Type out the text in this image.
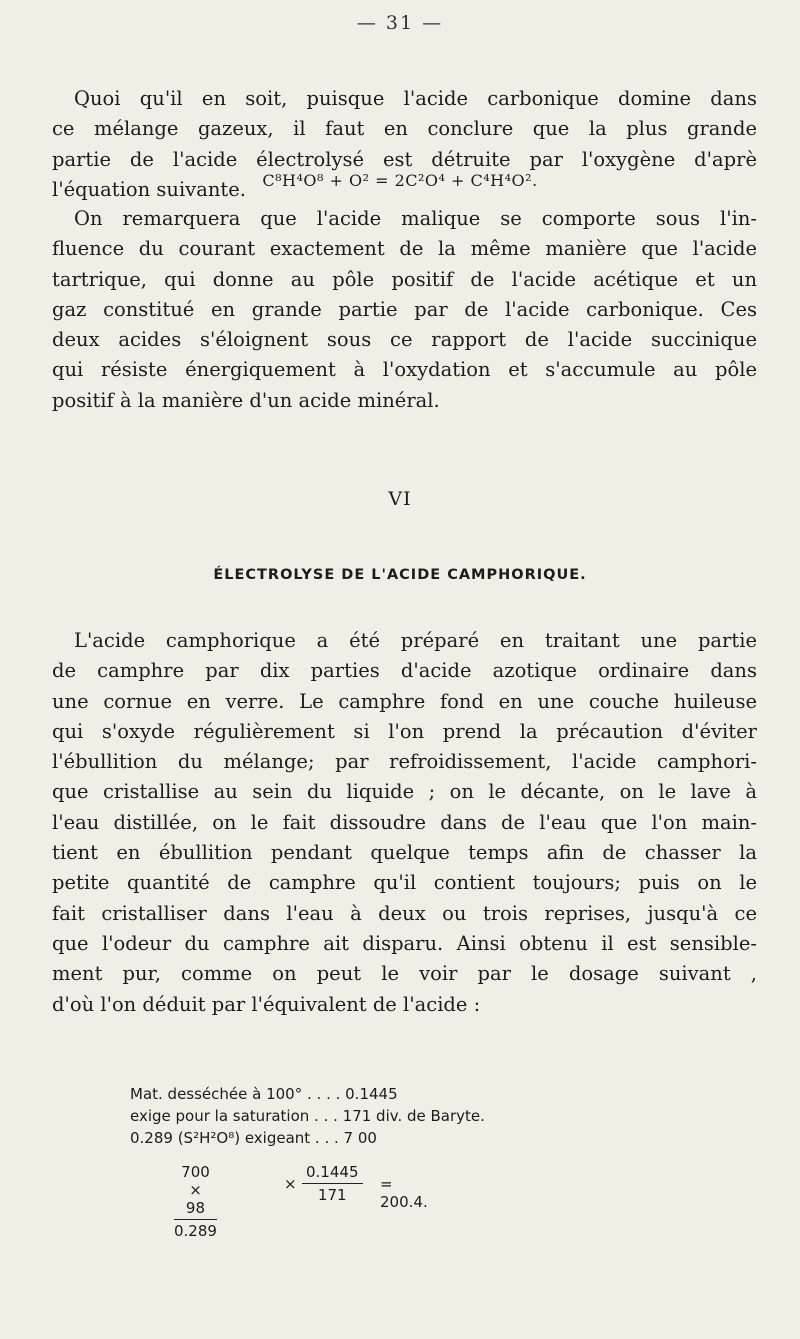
— 31 —

Quoi qu'il en soit, puisque l'acide carbonique domine dans
ce mélange gazeux, il faut en conclure que la plus grande
partie de l'acide électrolysé est détruite par l'oxygène d'aprè
l'équation suivante.	C⁸H⁴O⁸ + O² = 2C²O⁴ + C⁴H⁴O².

On remarquera que l'acide malique se comporte sous l'in-
fluence du courant exactement de la même manière que l'acide
tartrique, qui donne au pôle positif de l'acide acétique et un
gaz constitué en grande partie par de l'acide carbonique. Ces
deux acides s'éloignent sous ce rapport de l'acide succinique
qui résiste énergiquement à l'oxydation et s'accumule au pôle
positif à la manière d'un acide minéral.

VI
ÉLECTROLYSE DE L'ACIDE CAMPHORIQUE.

L'acide camphorique a été préparé en traitant une partie
de camphre par dix parties d'acide azotique ordinaire dans
une cornue en verre. Le camphre fond en une couche huileuse
qui s'oxyde régulièrement si l'on prend la précaution d'éviter
l'ébullition du mélange; par refroidissement, l'acide camphori-
que cristallise au sein du liquide ; on le décante, on le lave à
l'eau distillée, on le fait dissoudre dans de l'eau que l'on main-
tient en ébullition pendant quelque temps afin de chasser la
petite quantité de camphre qu'il contient toujours; puis on le
fait cristalliser dans l'eau à deux ou trois reprises, jusqu'à ce
que l'odeur du camphre ait disparu. Ainsi obtenu il est sensible-
ment pur, comme on peut le voir par le dosage suivant ,
d'où l'on déduit par l'équivalent de l'acide :

Mat. desséchée à 100° . . . . 0.1445
exige pour la saturation . . . 171 div. de Baryte.
0.289 (S²H²O⁸) exigeant . . . 7 00
$\frac{700 \times 98}{0.289}$	× $\frac{0.1445}{171} = 200.4$.
